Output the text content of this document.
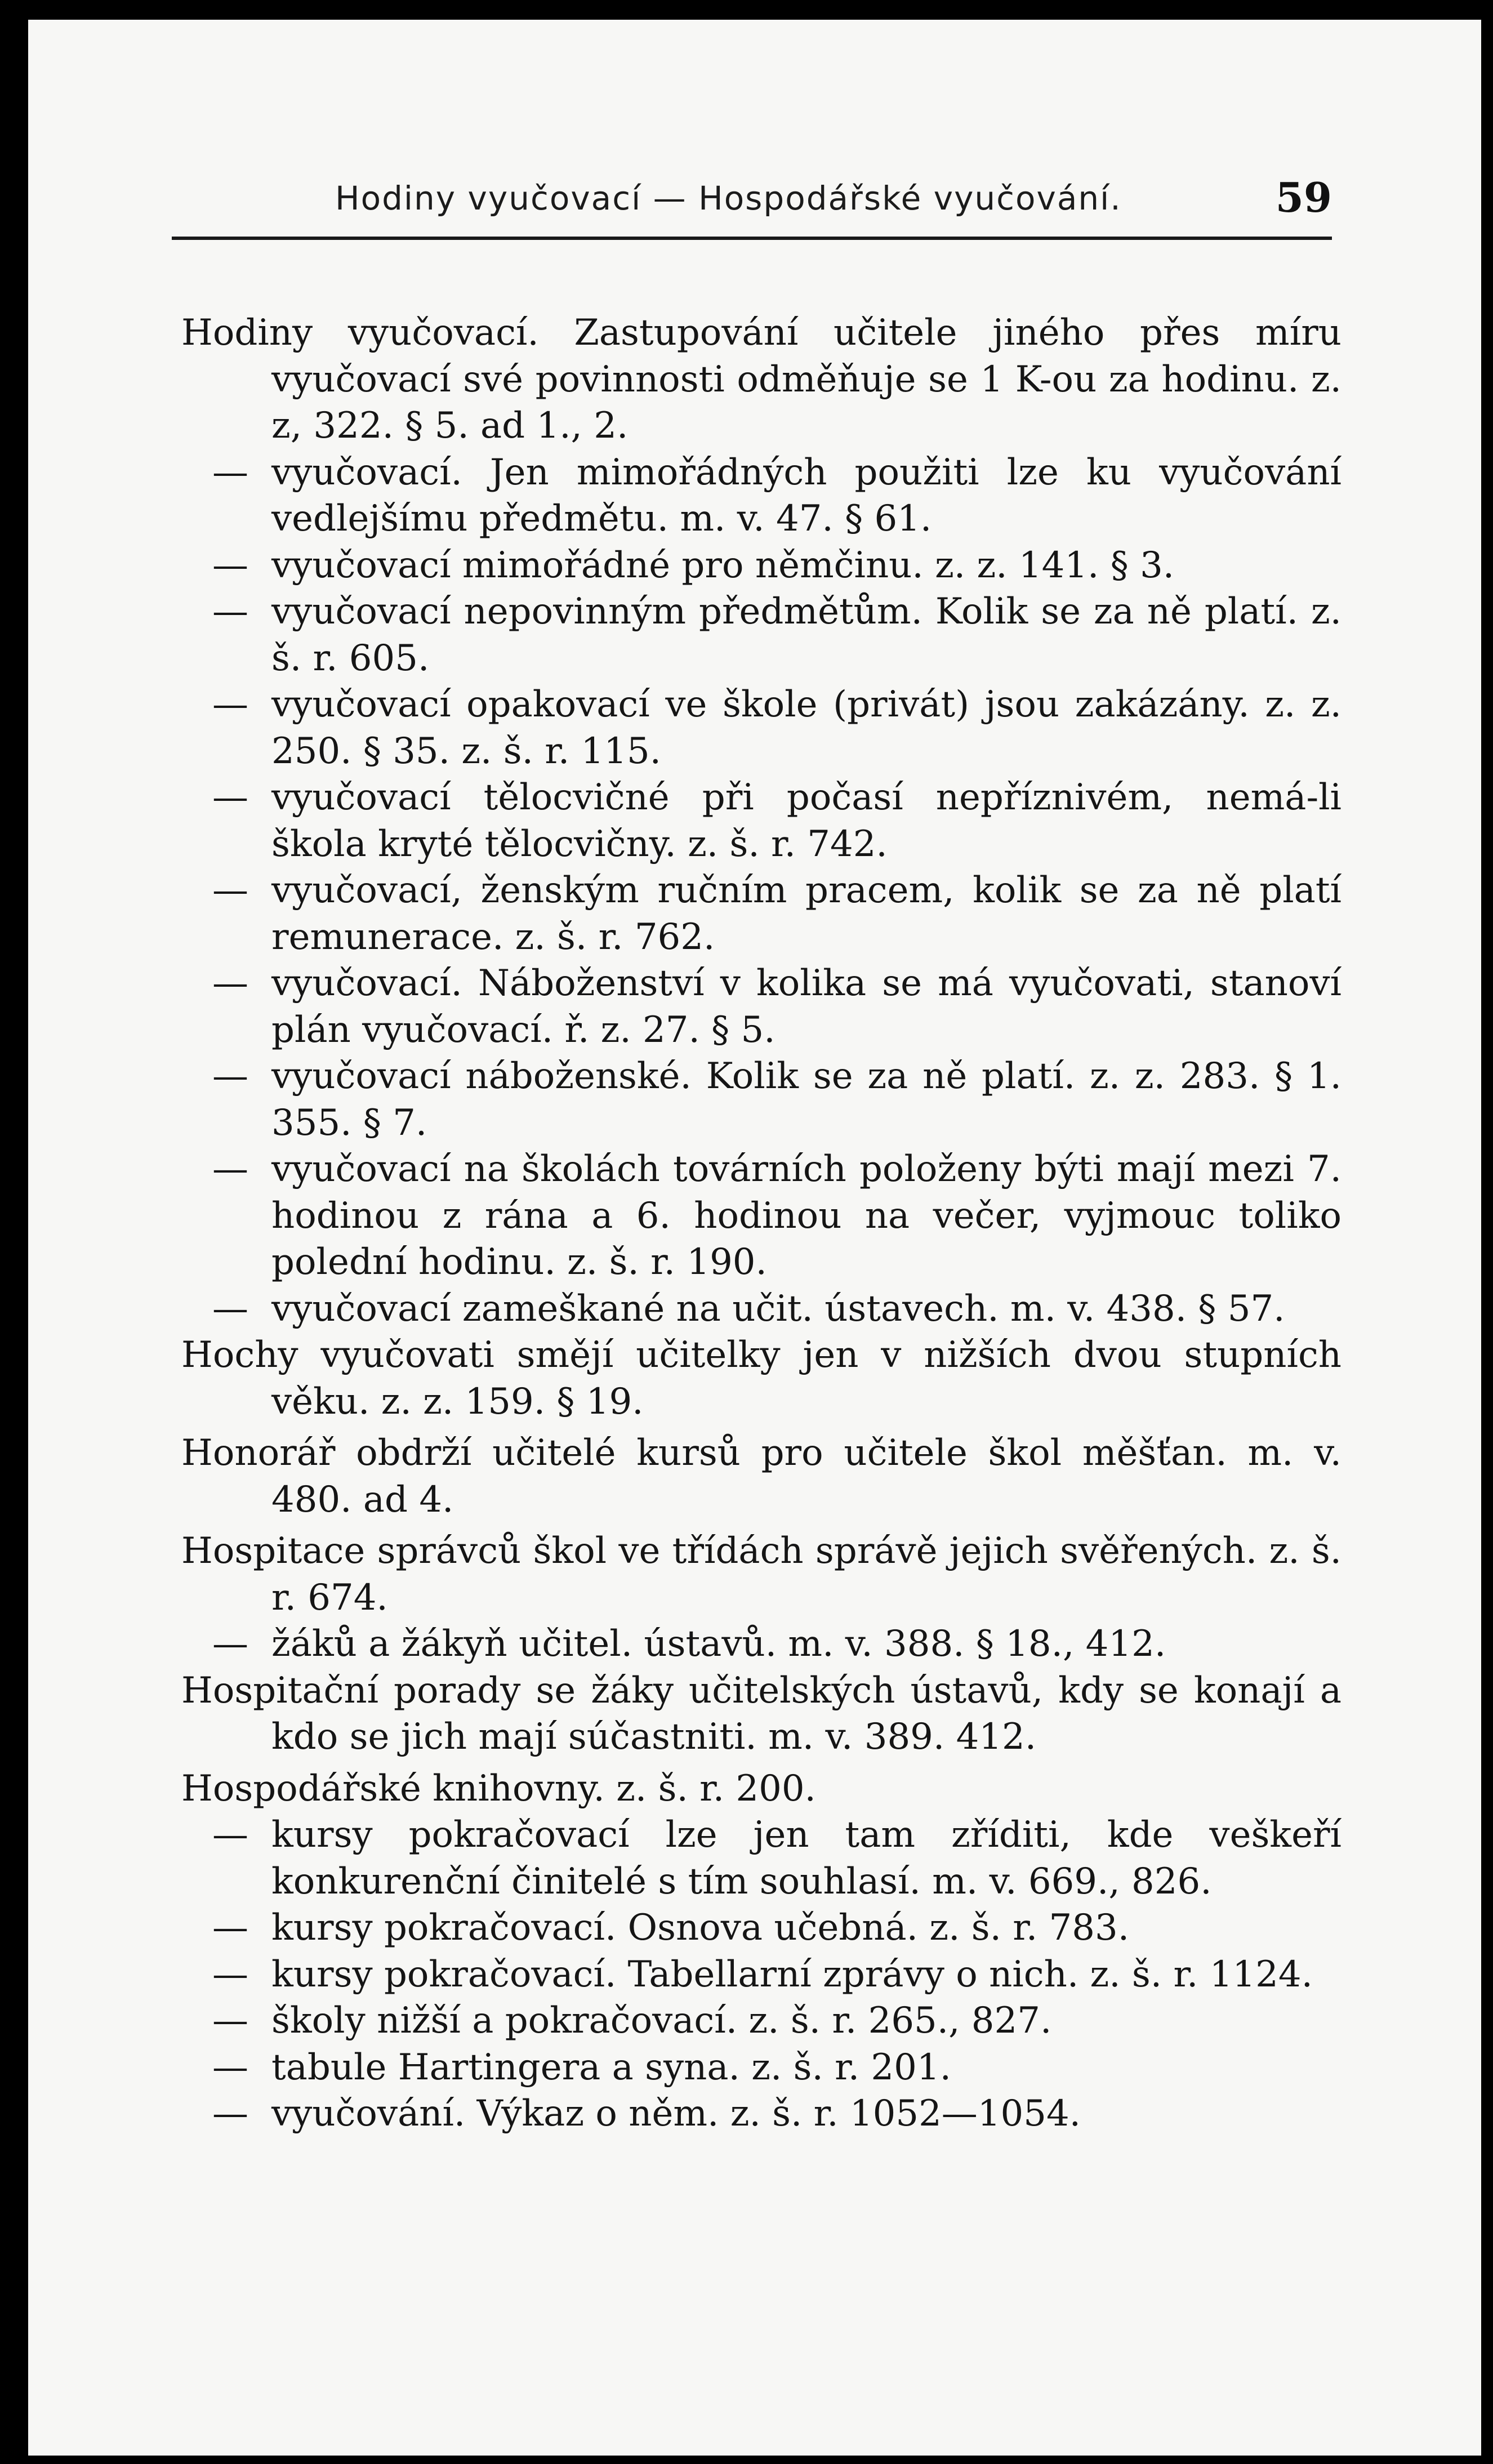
Hodiny vyučovací — Hospodářské vyučování.	59
Hodiny vyučovací. Zastupování učitele jiného přes míru vyučovací své povinnosti odměňuje se 1 K-ou za hodinu. z. z, 322. § 5. ad 1., 2.
— vyučovací. Jen mimořádných použiti lze ku vyučování vedlejšímu předmětu. m. v. 47. § 61.
— vyučovací mimořádné pro němčinu. z. z. 141. § 3.
— vyučovací nepovinným předmětům. Kolik se za ně platí. z. š. r. 605.
— vyučovací opakovací ve škole (privát) jsou zakázány. z. z. 250. § 35. z. š. r. 115.
— vyučovací tělocvičné při počasí nepříznivém, nemá-li škola kryté tělocvičny. z. š. r. 742.
— vyučovací, ženským ručním pracem, kolik se za ně platí remunerace. z. š. r. 762.
— vyučovací. Náboženství v kolika se má vyučovati, stanoví plán vyučovací. ř. z. 27. § 5.
— vyučovací náboženské. Kolik se za ně platí. z. z. 283. § 1. 355. § 7.
— vyučovací na školách továrních položeny býti mají mezi 7. hodinou z rána a 6. hodinou na večer, vyjmouc toliko polední hodinu. z. š. r. 190.
— vyučovací zameškané na učit. ústavech. m. v. 438. § 57.
Hochy vyučovati smějí učitelky jen v nižších dvou stupních věku. z. z. 159. § 19.
Honorář obdrží učitelé kursů pro učitele škol měšťan. m. v. 480. ad 4.
Hospitace správců škol ve třídách správě jejich svěřených. z. š. r. 674.
— žáků a žákyň učitel. ústavů. m. v. 388. § 18., 412.
Hospitační porady se žáky učitelských ústavů, kdy se konají a kdo se jich mají súčastniti. m. v. 389. 412.
Hospodářské knihovny. z. š. r. 200.
— kursy pokračovací lze jen tam zříditi, kde veškeří konkurenční činitelé s tím souhlasí. m. v. 669., 826.
— kursy pokračovací. Osnova učebná. z. š. r. 783.
— kursy pokračovací. Tabellarní zprávy o nich. z. š. r. 1124.
— školy nižší a pokračovací. z. š. r. 265., 827.
— tabule Hartingera a syna. z. š. r. 201.
— vyučování. Výkaz o něm. z. š. r. 1052—1054.
